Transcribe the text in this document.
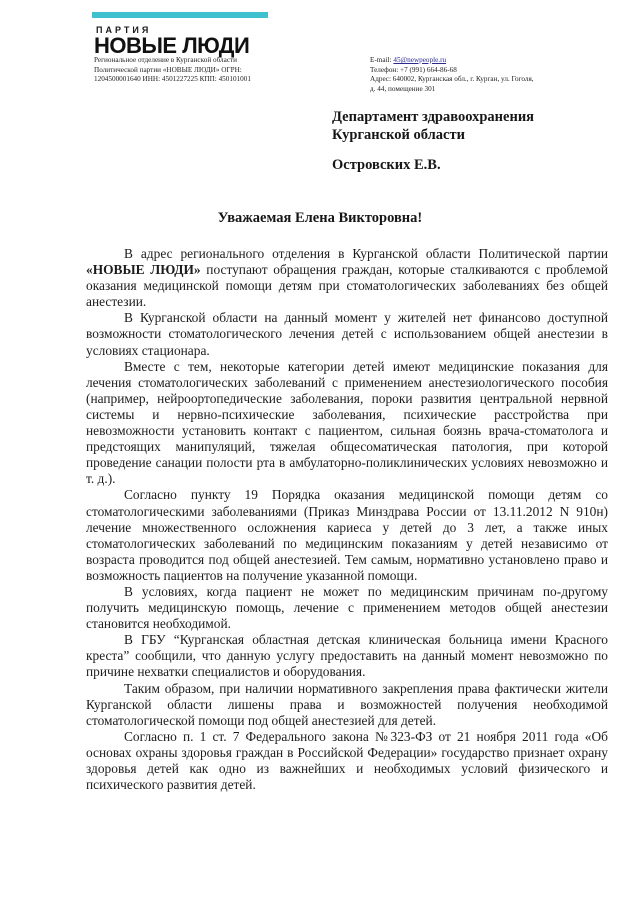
ПАРТИЯ
НОВЫЕ ЛЮДИ
Региональное отделение в Курганской области
Политической партии «НОВЫЕ ЛЮДИ» ОГРН:
1204500001640 ИНН: 4501227225 КПП: 450101001
E-mail: 45@newpeople.ru
Телефон: +7 (991) 664-86-68
Адрес: 640002, Курганская обл., г. Курган, ул. Гоголя,
д. 44, помещение 301
Департамент здравоохранения
Курганской области
Островских Е.В.
Уважаемая Елена Викторовна!

В адрес регионального отделения в Курганской области Политической партии «НОВЫЕ ЛЮДИ» поступают обращения граждан, которые сталкиваются с проблемой оказания медицинской помощи детям при стоматологических заболеваниях без общей анестезии.

В Курганской области на данный момент у жителей нет финансово доступной возможности стоматологического лечения детей с использованием общей анестезии в условиях стационара.

Вместе с тем, некоторые категории детей имеют медицинские показания для лечения стоматологических заболеваний с применением анестезиологического пособия (например, нейроортопедические заболевания, пороки развития центральной нервной системы и нервно-психические заболевания, психические расстройства при невозможности установить контакт с пациентом, сильная боязнь врача-стоматолога и предстоящих манипуляций, тяжелая общесоматическая патология, при которой проведение санации полости рта в амбулаторно-поликлинических условиях невозможно и т. д.).

Согласно пункту 19 Порядка оказания медицинской помощи детям со стоматологическими заболеваниями (Приказ Минздрава России от 13.11.2012 N 910н) лечение множественного осложнения кариеса у детей до 3 лет, а также иных стоматологических заболеваний по медицинским показаниям у детей независимо от возраста проводится под общей анестезией. Тем самым, нормативно установлено право и возможность пациентов на получение указанной помощи.

В условиях, когда пациент не может по медицинским причинам по-другому получить медицинскую помощь, лечение с применением методов общей анестезии становится необходимой.

В ГБУ “Курганская областная детская клиническая больница имени Красного креста” сообщили, что данную услугу предоставить на данный момент невозможно по причине нехватки специалистов и оборудования.

Таким образом, при наличии нормативного закрепления права фактически жители Курганской области лишены права и возможностей получения необходимой стоматологической помощи под общей анестезией для детей.

Согласно п. 1 ст. 7 Федерального закона №323-ФЗ от 21 ноября 2011 года «Об основах охраны здоровья граждан в Российской Федерации» государство признает охрану здоровья детей как одно из важнейших и необходимых условий физического и психического развития детей.
